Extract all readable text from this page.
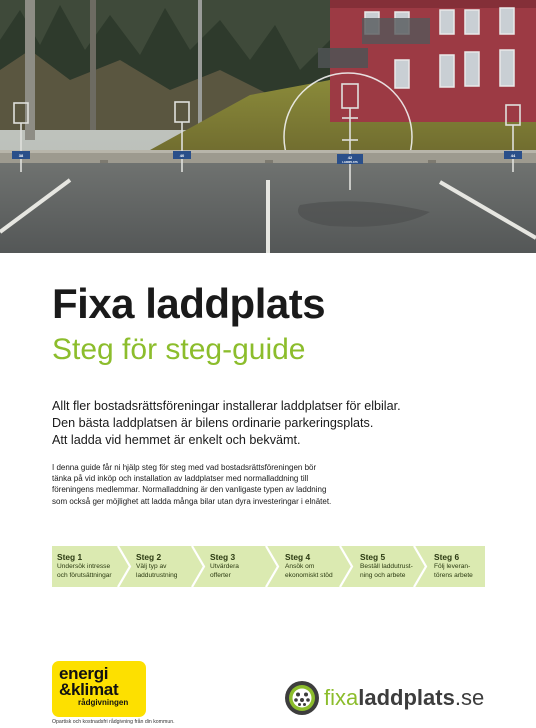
38	40	42
LADDPLATS
44
Fixa laddplats
Steg för steg-guide
Allt fler bostadsrättsföreningar installerar laddplatser för elbilar.
Den bästa laddplatsen är bilens ordinarie parkeringsplats.
Att ladda vid hemmet är enkelt och bekvämt.
I denna guide får ni hjälp steg för steg med vad bostadsrättsföreningen bör
tänka på vid inköp och installation av laddplatser med normalladdning till
föreningens medlemmar. Normalladdning är den vanligaste typen av laddning
som också ger möjlighet att ladda många bilar utan dyra investeringar i elnätet.
Steg 1
Undersök intresse
och förutsättningar
Steg 2
Välj typ av
laddutrustning
Steg 3
Utvärdera
offerter
Steg 4
Ansök om
ekonomiskt stöd
Steg 5
Beställ laddutrust-
ning och arbete
Steg 6
Följ leveran-
törens arbete
energi
&klimat
rådgivningen
Opartisk och kostnadsfri rådgivning från din kommun.
fixaladdplats.se
